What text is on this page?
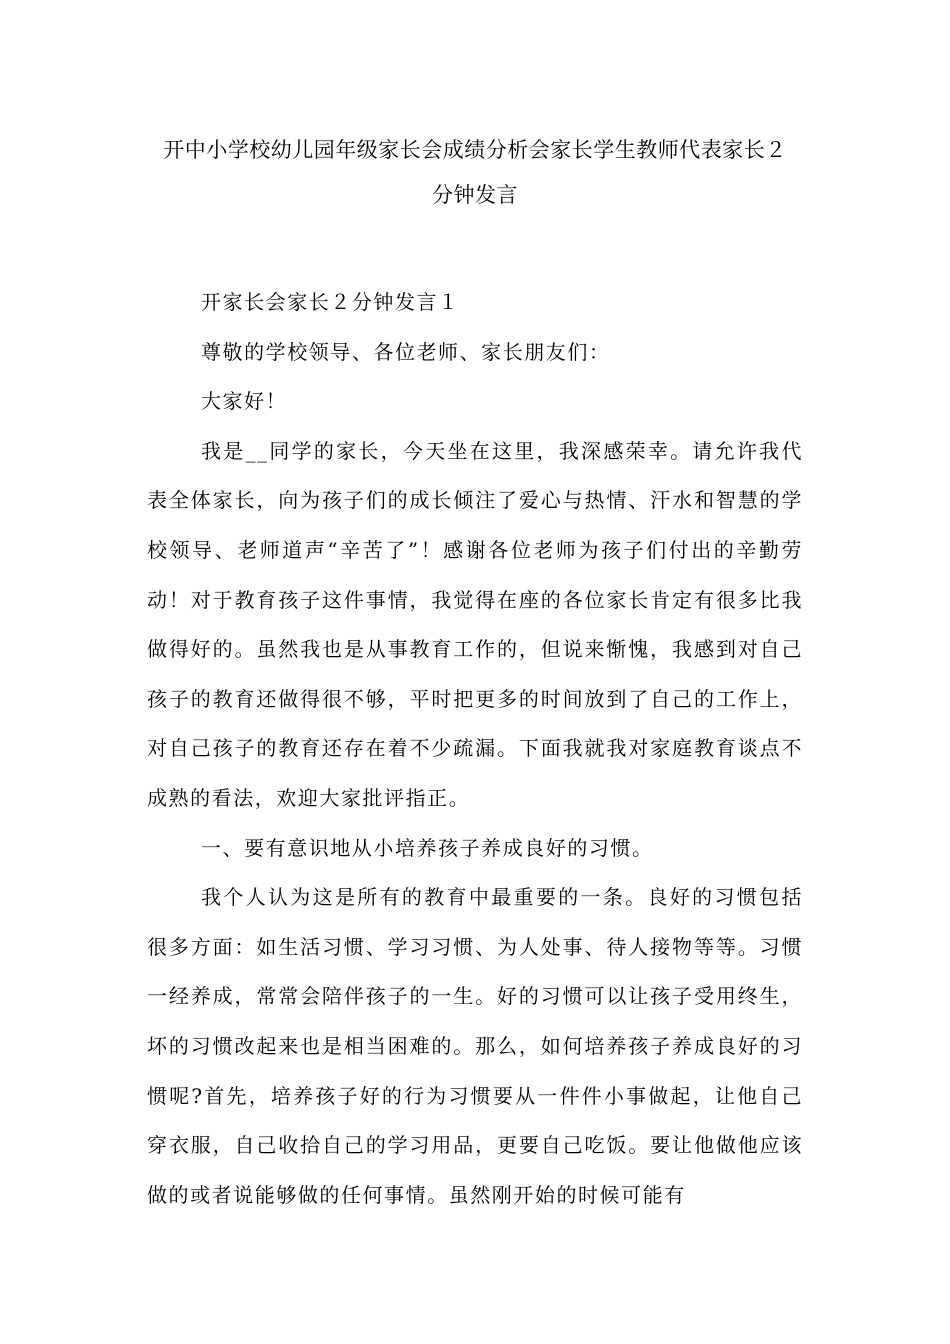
开中小学校幼儿园年级家长会成绩分析会家长学生教师代表家长２
分钟发言

开家长会家长２分钟发言１

尊敬的学校领导、各位老师、家长朋友们：

大家好！

我是__同学的家长，今天坐在这里，我深感荣幸。请允许我代表全体家长，向为孩子们的成长倾注了爱心与热情、汗水和智慧的学校领导、老师道声“辛苦了”！感谢各位老师为孩子们付出的辛勤劳动！对于教育孩子这件事情，我觉得在座的各位家长肯定有很多比我做得好的。虽然我也是从事教育工作的，但说来惭愧，我感到对自己孩子的教育还做得很不够，平时把更多的时间放到了自己的工作上，对自己孩子的教育还存在着不少疏漏。下面我就我对家庭教育谈点不成熟的看法，欢迎大家批评指正。

一、要有意识地从小培养孩子养成良好的习惯。

我个人认为这是所有的教育中最重要的一条。良好的习惯包括很多方面：如生活习惯、学习习惯、为人处事、待人接物等等。习惯一经养成，常常会陪伴孩子的一生。好的习惯可以让孩子受用终生，坏的习惯改起来也是相当困难的。那么，如何培养孩子养成良好的习惯呢?首先，培养孩子好的行为习惯要从一件件小事做起，让他自己穿衣服，自己收拾自己的学习用品，更要自己吃饭。要让他做他应该做的或者说能够做的任何事情。虽然刚开始的时候可能有
